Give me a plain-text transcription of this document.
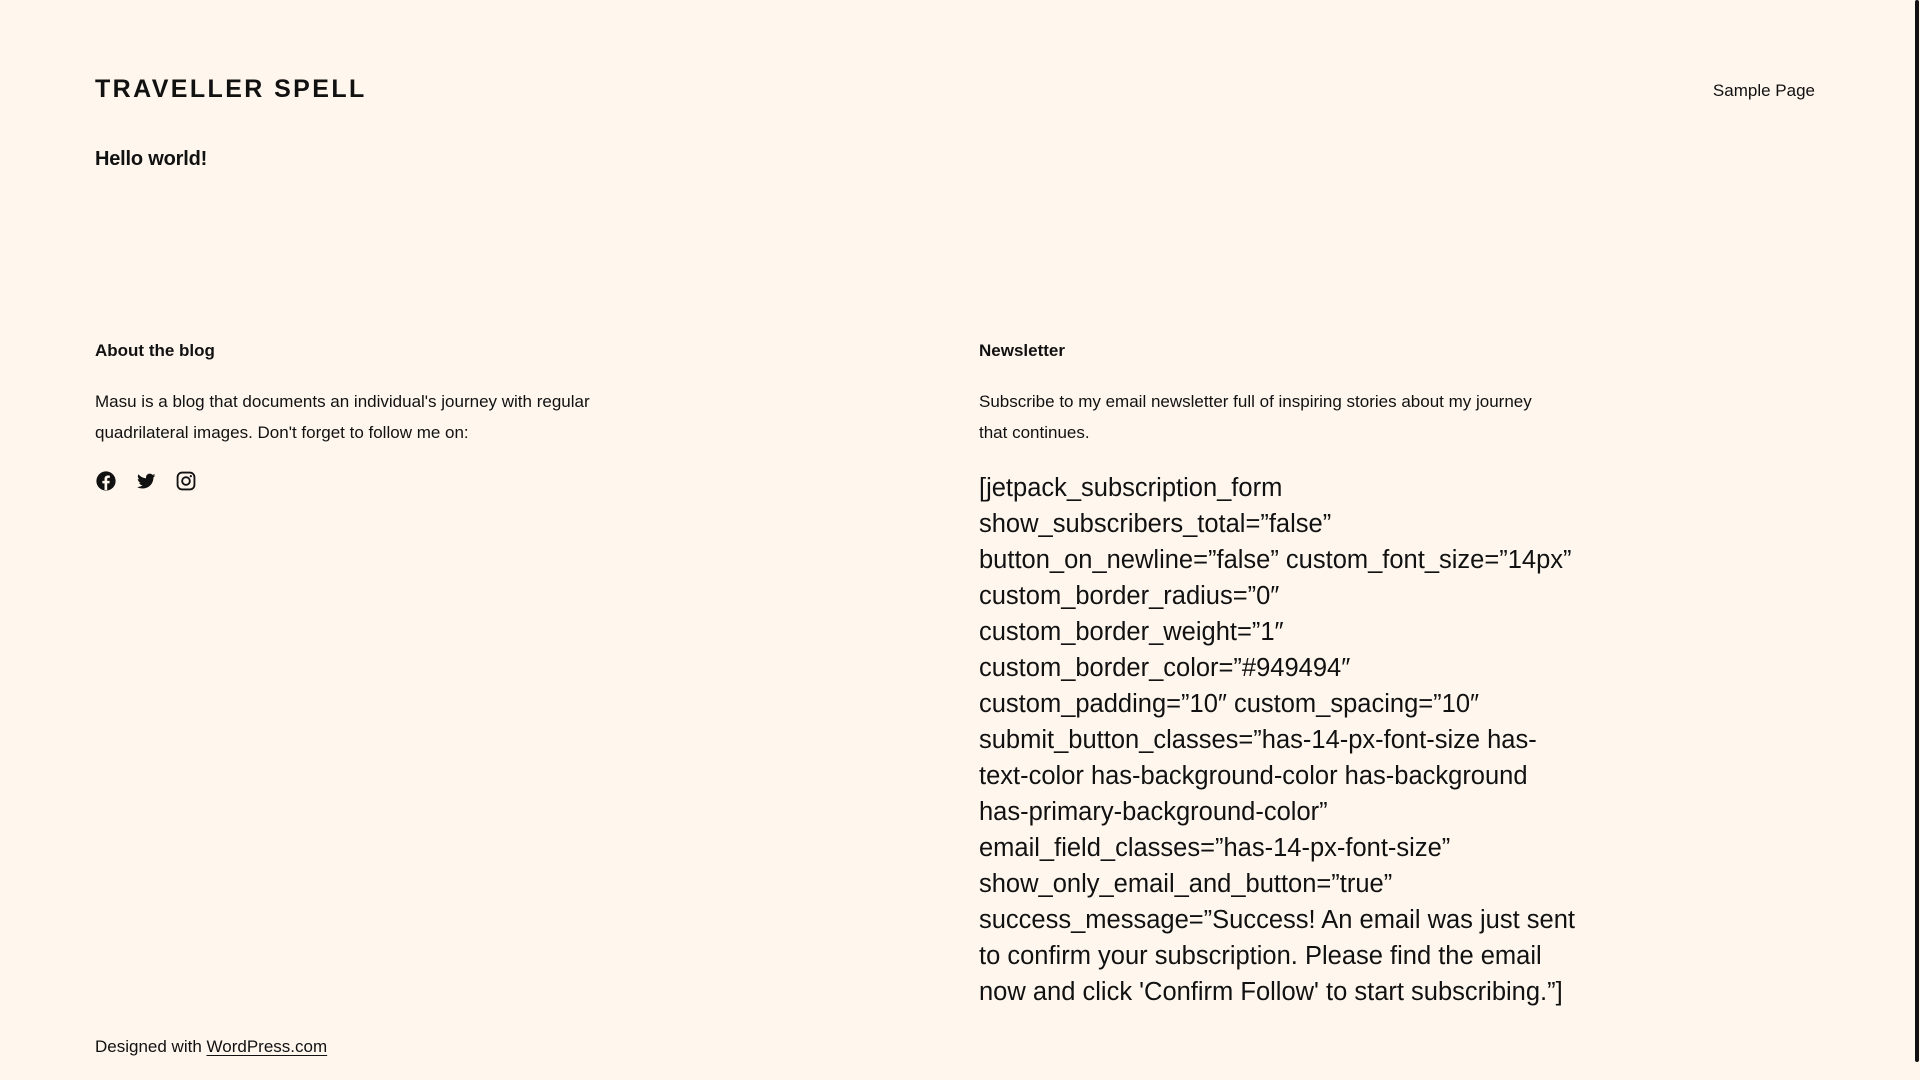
TRAVELLER SPELL	Sample Page
Hello world!
About the blog

Masu is a blog that documents an individual's journey with regular quadrilateral images. Don't forget to follow me on:

Newsletter

Subscribe to my email newsletter full of inspiring stories about my journey that continues.

[jetpack_subscription_form show_subscribers_total=”false” button_on_newline=”false” custom_font_size=”14px” custom_border_radius=”0″ custom_border_weight=”1″ custom_border_color=”#949494″ custom_padding=”10″ custom_spacing=”10″ submit_button_classes=”has-14-px-font-size has-text-color has-background-color has-background has-primary-background-color” email_field_classes=”has-14-px-font-size” show_only_email_and_button=”true” success_message=”Success! An email was just sent to confirm your subscription. Please find the email now and click 'Confirm Follow' to start subscribing.”]

Designed with WordPress.com
